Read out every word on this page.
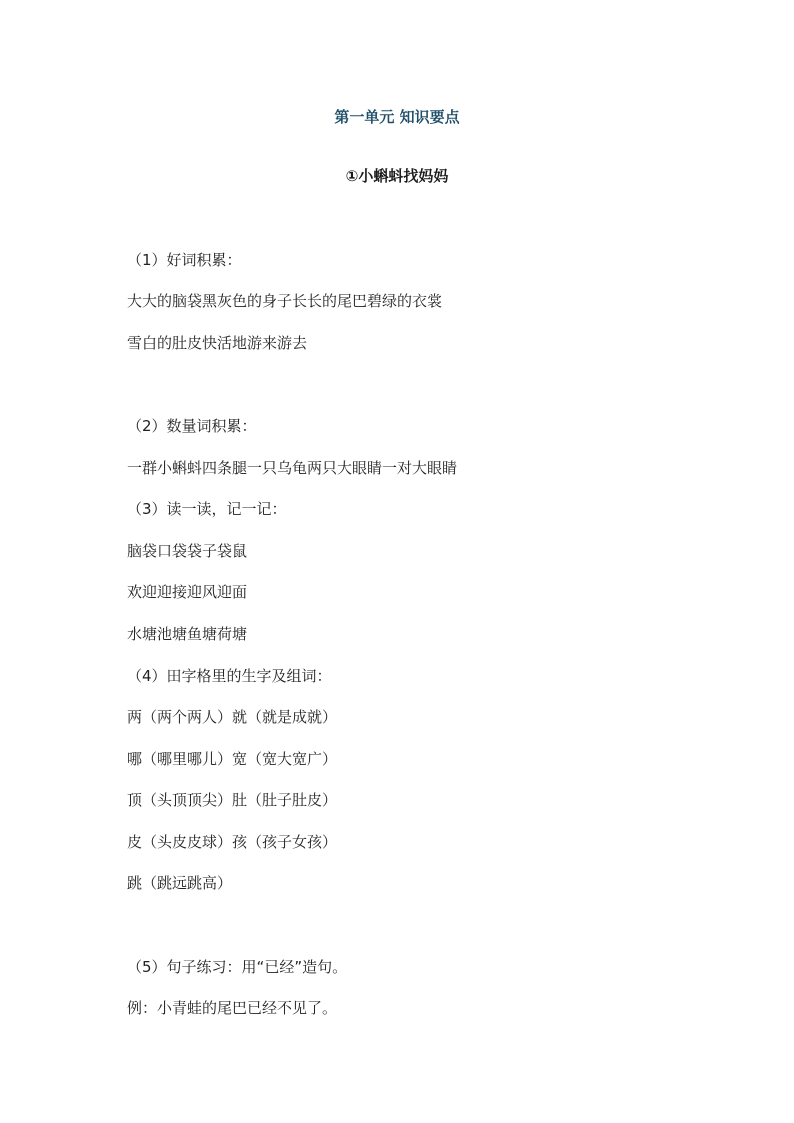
第一单元 知识要点
①小蝌蚪找妈妈
（1）好词积累：
大大的脑袋黑灰色的身子长长的尾巴碧绿的衣裳
雪白的肚皮快活地游来游去
（2）数量词积累：
一群小蝌蚪四条腿一只乌龟两只大眼睛一对大眼睛
（3）读一读，记一记：
脑袋口袋袋子袋鼠
欢迎迎接迎风迎面
水塘池塘鱼塘荷塘
（4）田字格里的生字及组词：
两（两个两人）就（就是成就）
哪（哪里哪儿）宽（宽大宽广）
顶（头顶顶尖）肚（肚子肚皮）
皮（头皮皮球）孩（孩子女孩）
跳（跳远跳高）
（5）句子练习：用“已经”造句。
例：小青蛙的尾巴已经不见了。
